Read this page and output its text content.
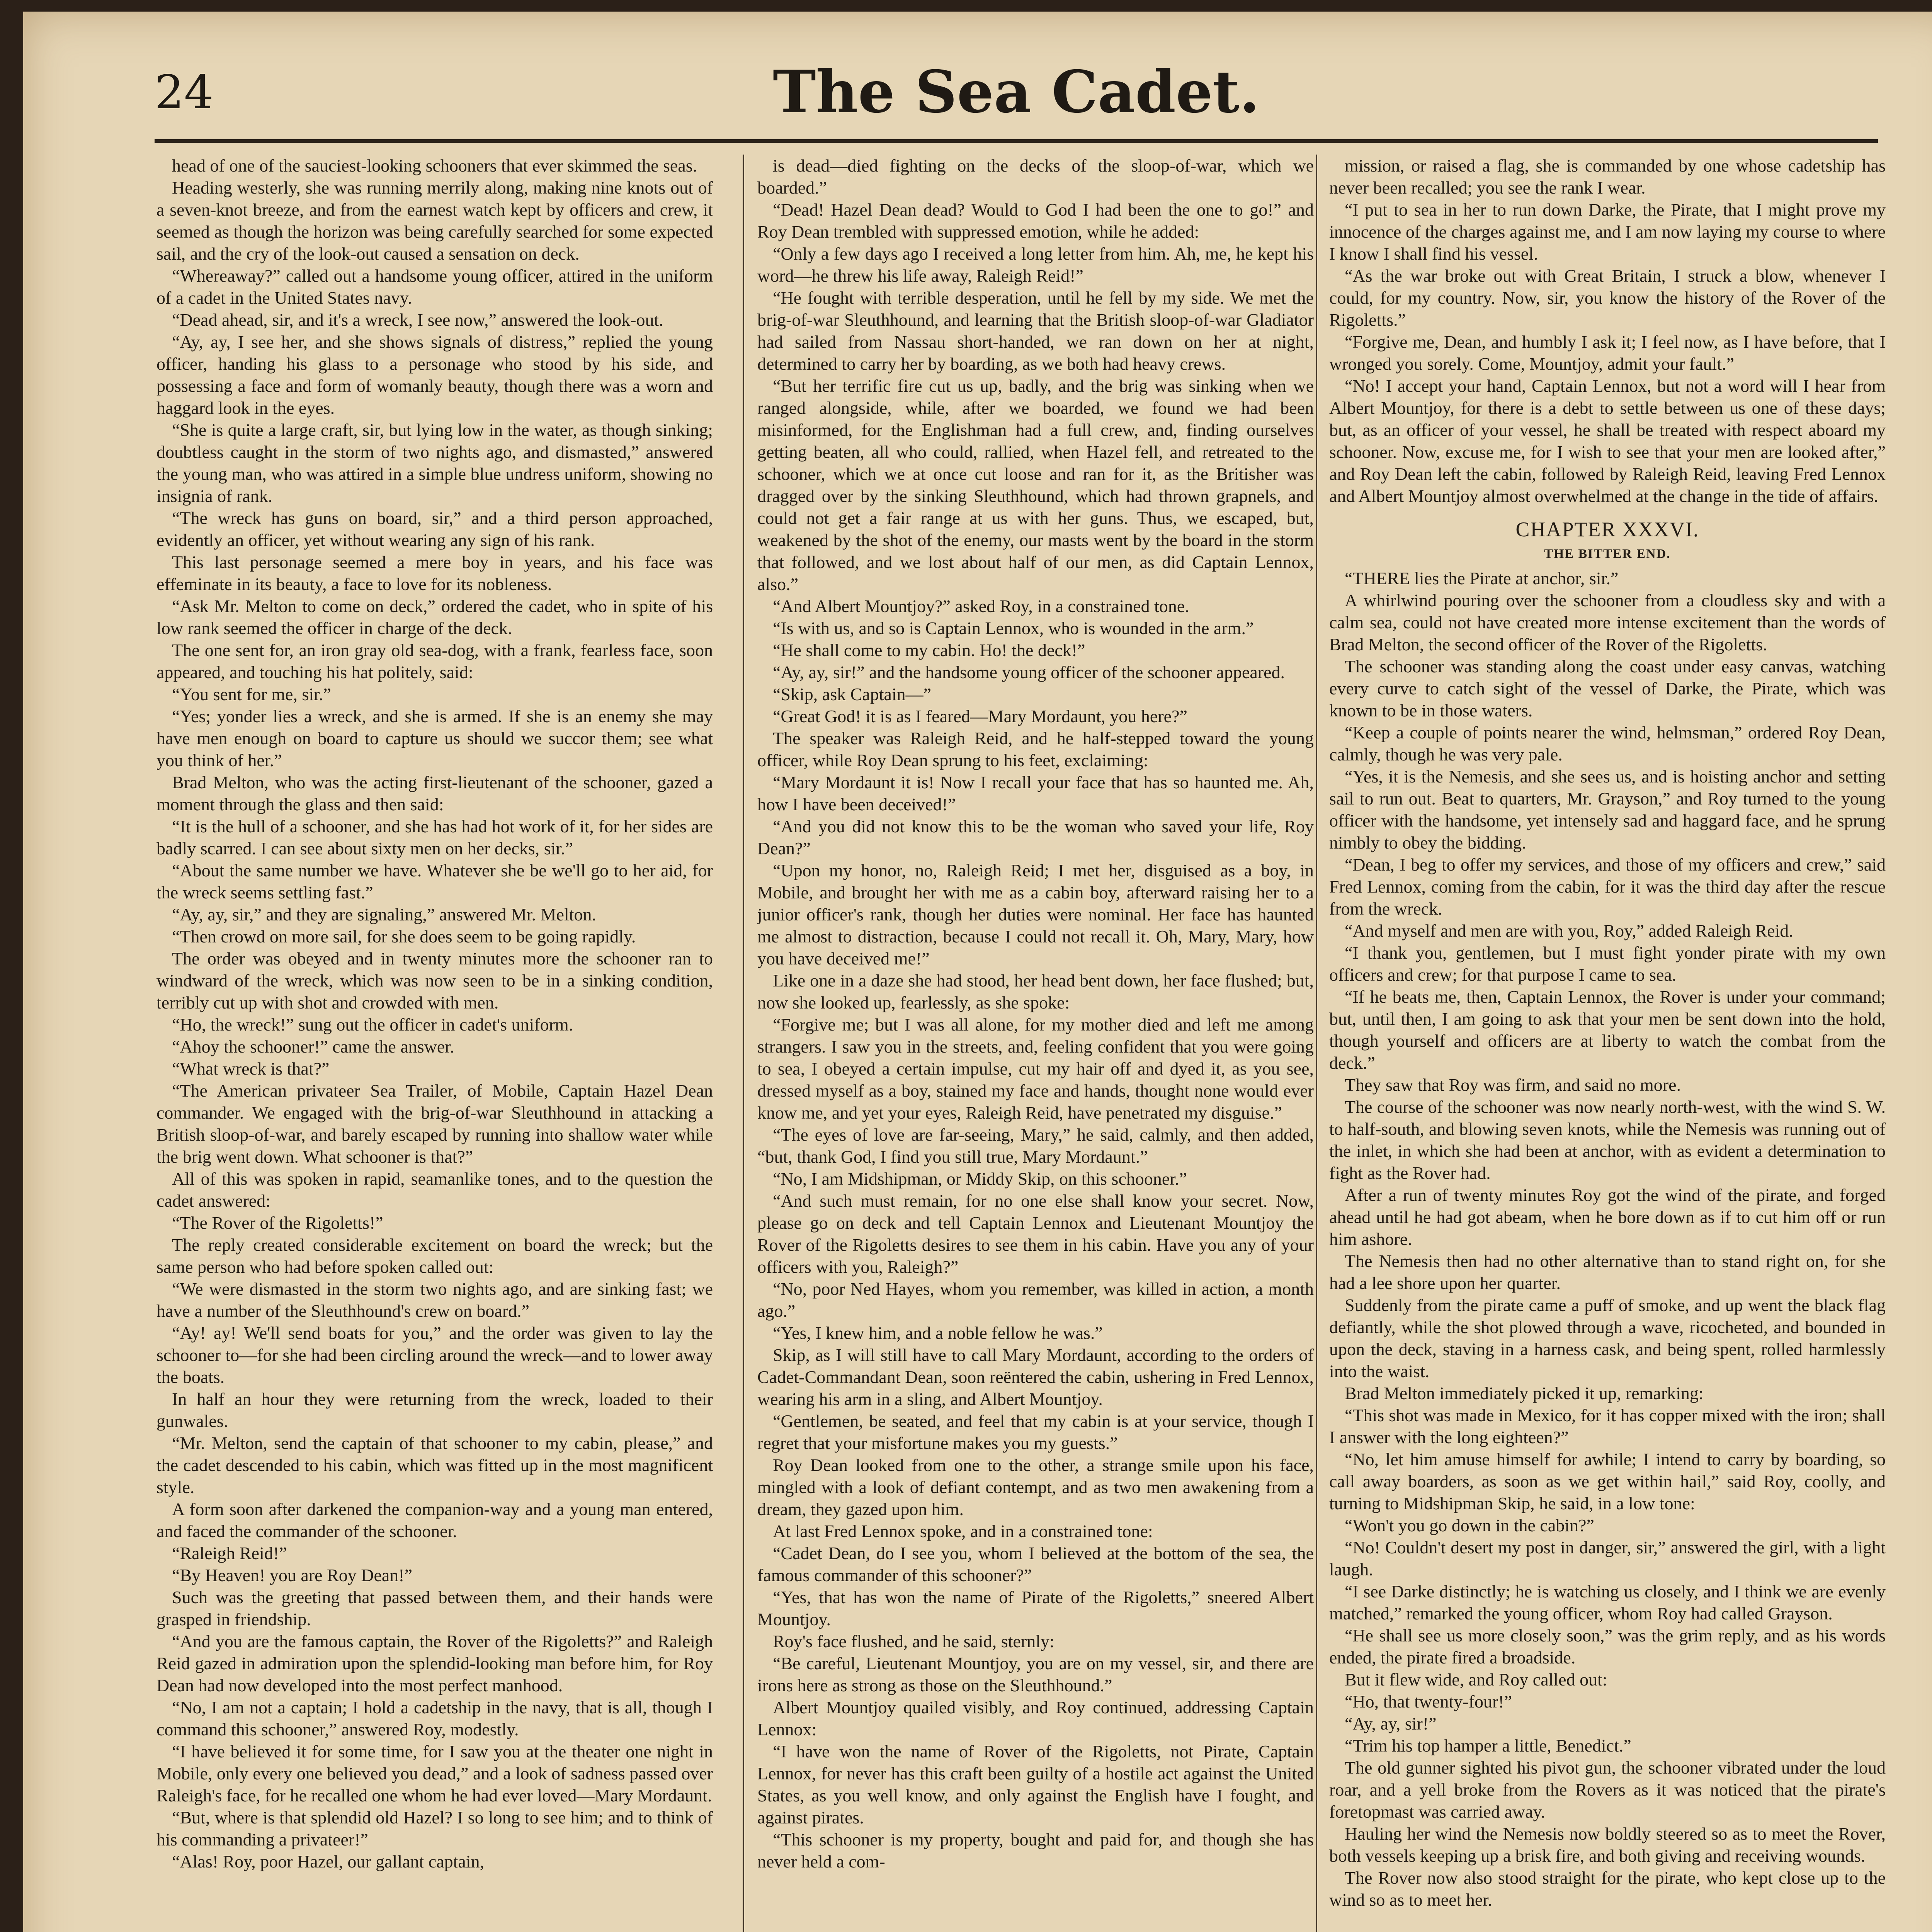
24	The Sea Cadet.

head of one of the sauciest-looking schooners that ever skimmed the seas.

Heading westerly, she was running merrily along, making nine knots out of a seven-knot breeze, and from the earnest watch kept by officers and crew, it seemed as though the horizon was being carefully searched for some expected sail, and the cry of the look-out caused a sensation on deck.

“Whereaway?” called out a handsome young officer, attired in the uniform of a cadet in the United States navy.

“Dead ahead, sir, and it's a wreck, I see now,” answered the look-out.

“Ay, ay, I see her, and she shows signals of distress,” replied the young officer, handing his glass to a personage who stood by his side, and possessing a face and form of womanly beauty, though there was a worn and haggard look in the eyes.

“She is quite a large craft, sir, but lying low in the water, as though sinking; doubtless caught in the storm of two nights ago, and dismasted,” answered the young man, who was attired in a simple blue undress uniform, showing no insignia of rank.

“The wreck has guns on board, sir,” and a third person approached, evidently an officer, yet without wearing any sign of his rank.

This last personage seemed a mere boy in years, and his face was effeminate in its beauty, a face to love for its nobleness.

“Ask Mr. Melton to come on deck,” ordered the cadet, who in spite of his low rank seemed the officer in charge of the deck.

The one sent for, an iron gray old sea-dog, with a frank, fearless face, soon appeared, and touching his hat politely, said:

“You sent for me, sir.”

“Yes; yonder lies a wreck, and she is armed. If she is an enemy she may have men enough on board to capture us should we succor them; see what you think of her.”

Brad Melton, who was the acting first-lieutenant of the schooner, gazed a moment through the glass and then said:

“It is the hull of a schooner, and she has had hot work of it, for her sides are badly scarred. I can see about sixty men on her decks, sir.”

“About the same number we have. Whatever she be we'll go to her aid, for the wreck seems settling fast.”

“Ay, ay, sir,” and they are signaling,” answered Mr. Melton.

“Then crowd on more sail, for she does seem to be going rapidly.

The order was obeyed and in twenty minutes more the schooner ran to windward of the wreck, which was now seen to be in a sinking condition, terribly cut up with shot and crowded with men.

“Ho, the wreck!” sung out the officer in cadet's uniform.

“Ahoy the schooner!” came the answer.

“What wreck is that?”

“The American privateer Sea Trailer, of Mobile, Captain Hazel Dean commander. We engaged with the brig-of-war Sleuthhound in attacking a British sloop-of-war, and barely escaped by running into shallow water while the brig went down. What schooner is that?”

All of this was spoken in rapid, seamanlike tones, and to the question the cadet answered:

“The Rover of the Rigoletts!”

The reply created considerable excitement on board the wreck; but the same person who had before spoken called out:

“We were dismasted in the storm two nights ago, and are sinking fast; we have a number of the Sleuthhound's crew on board.”

“Ay! ay! We'll send boats for you,” and the order was given to lay the schooner to—for she had been circling around the wreck—and to lower away the boats.

In half an hour they were returning from the wreck, loaded to their gunwales.

“Mr. Melton, send the captain of that schooner to my cabin, please,” and the cadet descended to his cabin, which was fitted up in the most magnificent style.

A form soon after darkened the companion-way and a young man entered, and faced the commander of the schooner.

“Raleigh Reid!”

“By Heaven! you are Roy Dean!”

Such was the greeting that passed between them, and their hands were grasped in friendship.

“And you are the famous captain, the Rover of the Rigoletts?” and Raleigh Reid gazed in admiration upon the splendid-looking man before him, for Roy Dean had now developed into the most perfect manhood.

“No, I am not a captain; I hold a cadetship in the navy, that is all, though I command this schooner,” answered Roy, modestly.

“I have believed it for some time, for I saw you at the theater one night in Mobile, only every one believed you dead,” and a look of sadness passed over Raleigh's face, for he recalled one whom he had ever loved—Mary Mordaunt.

“But, where is that splendid old Hazel? I so long to see him; and to think of his commanding a privateer!”

“Alas! Roy, poor Hazel, our gallant captain,

is dead—died fighting on the decks of the sloop-of-war, which we boarded.”

“Dead! Hazel Dean dead? Would to God I had been the one to go!” and Roy Dean trembled with suppressed emotion, while he added:

“Only a few days ago I received a long letter from him. Ah, me, he kept his word—he threw his life away, Raleigh Reid!”

“He fought with terrible desperation, until he fell by my side. We met the brig-of-war Sleuthhound, and learning that the British sloop-of-war Gladiator had sailed from Nassau short-handed, we ran down on her at night, determined to carry her by boarding, as we both had heavy crews.

“But her terrific fire cut us up, badly, and the brig was sinking when we ranged alongside, while, after we boarded, we found we had been misinformed, for the Englishman had a full crew, and, finding ourselves getting beaten, all who could, rallied, when Hazel fell, and retreated to the schooner, which we at once cut loose and ran for it, as the Britisher was dragged over by the sinking Sleuthhound, which had thrown grapnels, and could not get a fair range at us with her guns. Thus, we escaped, but, weakened by the shot of the enemy, our masts went by the board in the storm that followed, and we lost about half of our men, as did Captain Lennox, also.”

“And Albert Mountjoy?” asked Roy, in a constrained tone.

“Is with us, and so is Captain Lennox, who is wounded in the arm.”

“He shall come to my cabin. Ho! the deck!”

“Ay, ay, sir!” and the handsome young officer of the schooner appeared.

“Skip, ask Captain—”

“Great God! it is as I feared—Mary Mordaunt, you here?”

The speaker was Raleigh Reid, and he half-stepped toward the young officer, while Roy Dean sprung to his feet, exclaiming:

“Mary Mordaunt it is! Now I recall your face that has so haunted me. Ah, how I have been deceived!”

“And you did not know this to be the woman who saved your life, Roy Dean?”

“Upon my honor, no, Raleigh Reid; I met her, disguised as a boy, in Mobile, and brought her with me as a cabin boy, afterward raising her to a junior officer's rank, though her duties were nominal. Her face has haunted me almost to distraction, because I could not recall it. Oh, Mary, Mary, how you have deceived me!”

Like one in a daze she had stood, her head bent down, her face flushed; but, now she looked up, fearlessly, as she spoke:

“Forgive me; but I was all alone, for my mother died and left me among strangers. I saw you in the streets, and, feeling confident that you were going to sea, I obeyed a certain impulse, cut my hair off and dyed it, as you see, dressed myself as a boy, stained my face and hands, thought none would ever know me, and yet your eyes, Raleigh Reid, have penetrated my disguise.”

“The eyes of love are far-seeing, Mary,” he said, calmly, and then added, “but, thank God, I find you still true, Mary Mordaunt.”

“No, I am Midshipman, or Middy Skip, on this schooner.”

“And such must remain, for no one else shall know your secret. Now, please go on deck and tell Captain Lennox and Lieutenant Mountjoy the Rover of the Rigoletts desires to see them in his cabin. Have you any of your officers with you, Raleigh?”

“No, poor Ned Hayes, whom you remember, was killed in action, a month ago.”

“Yes, I knew him, and a noble fellow he was.”

Skip, as I will still have to call Mary Mordaunt, according to the orders of Cadet-Commandant Dean, soon reëntered the cabin, ushering in Fred Lennox, wearing his arm in a sling, and Albert Mountjoy.

“Gentlemen, be seated, and feel that my cabin is at your service, though I regret that your misfortune makes you my guests.”

Roy Dean looked from one to the other, a strange smile upon his face, mingled with a look of defiant contempt, and as two men awakening from a dream, they gazed upon him.

At last Fred Lennox spoke, and in a constrained tone:

“Cadet Dean, do I see you, whom I believed at the bottom of the sea, the famous commander of this schooner?”

“Yes, that has won the name of Pirate of the Rigoletts,” sneered Albert Mountjoy.

Roy's face flushed, and he said, sternly:

“Be careful, Lieutenant Mountjoy, you are on my vessel, sir, and there are irons here as strong as those on the Sleuthhound.”

Albert Mountjoy quailed visibly, and Roy continued, addressing Captain Lennox:

“I have won the name of Rover of the Rigoletts, not Pirate, Captain Lennox, for never has this craft been guilty of a hostile act against the United States, as you well know, and only against the English have I fought, and against pirates.

“This schooner is my property, bought and paid for, and though she has never held a com-

mission, or raised a flag, she is commanded by one whose cadetship has never been recalled; you see the rank I wear.

“I put to sea in her to run down Darke, the Pirate, that I might prove my innocence of the charges against me, and I am now laying my course to where I know I shall find his vessel.

“As the war broke out with Great Britain, I struck a blow, whenever I could, for my country. Now, sir, you know the history of the Rover of the Rigoletts.”

“Forgive me, Dean, and humbly I ask it; I feel now, as I have before, that I wronged you sorely. Come, Mountjoy, admit your fault.”

“No! I accept your hand, Captain Lennox, but not a word will I hear from Albert Mountjoy, for there is a debt to settle between us one of these days; but, as an officer of your vessel, he shall be treated with respect aboard my schooner. Now, excuse me, for I wish to see that your men are looked after,” and Roy Dean left the cabin, followed by Raleigh Reid, leaving Fred Lennox and Albert Mountjoy almost overwhelmed at the change in the tide of affairs.

CHAPTER XXXVI.
THE BITTER END.

“THERE lies the Pirate at anchor, sir.”

A whirlwind pouring over the schooner from a cloudless sky and with a calm sea, could not have created more intense excitement than the words of Brad Melton, the second officer of the Rover of the Rigoletts.

The schooner was standing along the coast under easy canvas, watching every curve to catch sight of the vessel of Darke, the Pirate, which was known to be in those waters.

“Keep a couple of points nearer the wind, helmsman,” ordered Roy Dean, calmly, though he was very pale.

“Yes, it is the Nemesis, and she sees us, and is hoisting anchor and setting sail to run out. Beat to quarters, Mr. Grayson,” and Roy turned to the young officer with the handsome, yet intensely sad and haggard face, and he sprung nimbly to obey the bidding.

“Dean, I beg to offer my services, and those of my officers and crew,” said Fred Lennox, coming from the cabin, for it was the third day after the rescue from the wreck.

“And myself and men are with you, Roy,” added Raleigh Reid.

“I thank you, gentlemen, but I must fight yonder pirate with my own officers and crew; for that purpose I came to sea.

“If he beats me, then, Captain Lennox, the Rover is under your command; but, until then, I am going to ask that your men be sent down into the hold, though yourself and officers are at liberty to watch the combat from the deck.”

They saw that Roy was firm, and said no more.

The course of the schooner was now nearly north-west, with the wind S. W. to half-south, and blowing seven knots, while the Nemesis was running out of the inlet, in which she had been at anchor, with as evident a determination to fight as the Rover had.

After a run of twenty minutes Roy got the wind of the pirate, and forged ahead until he had got abeam, when he bore down as if to cut him off or run him ashore.

The Nemesis then had no other alternative than to stand right on, for she had a lee shore upon her quarter.

Suddenly from the pirate came a puff of smoke, and up went the black flag defiantly, while the shot plowed through a wave, ricocheted, and bounded in upon the deck, staving in a harness cask, and being spent, rolled harmlessly into the waist.

Brad Melton immediately picked it up, remarking:

“This shot was made in Mexico, for it has copper mixed with the iron; shall I answer with the long eighteen?”

“No, let him amuse himself for awhile; I intend to carry by boarding, so call away boarders, as soon as we get within hail,” said Roy, coolly, and turning to Midshipman Skip, he said, in a low tone:

“Won't you go down in the cabin?”

“No! Couldn't desert my post in danger, sir,” answered the girl, with a light laugh.

“I see Darke distinctly; he is watching us closely, and I think we are evenly matched,” remarked the young officer, whom Roy had called Grayson.

“He shall see us more closely soon,” was the grim reply, and as his words ended, the pirate fired a broadside.

But it flew wide, and Roy called out:

“Ho, that twenty-four!”

“Ay, ay, sir!”

“Trim his top hamper a little, Benedict.”

The old gunner sighted his pivot gun, the schooner vibrated under the loud roar, and a yell broke from the Rovers as it was noticed that the pirate's foretopmast was carried away.

Hauling her wind the Nemesis now boldly steered so as to meet the Rover, both vessels keeping up a brisk fire, and both giving and receiving wounds.

The Rover now also stood straight for the pirate, who kept close up to the wind so as to meet her.
